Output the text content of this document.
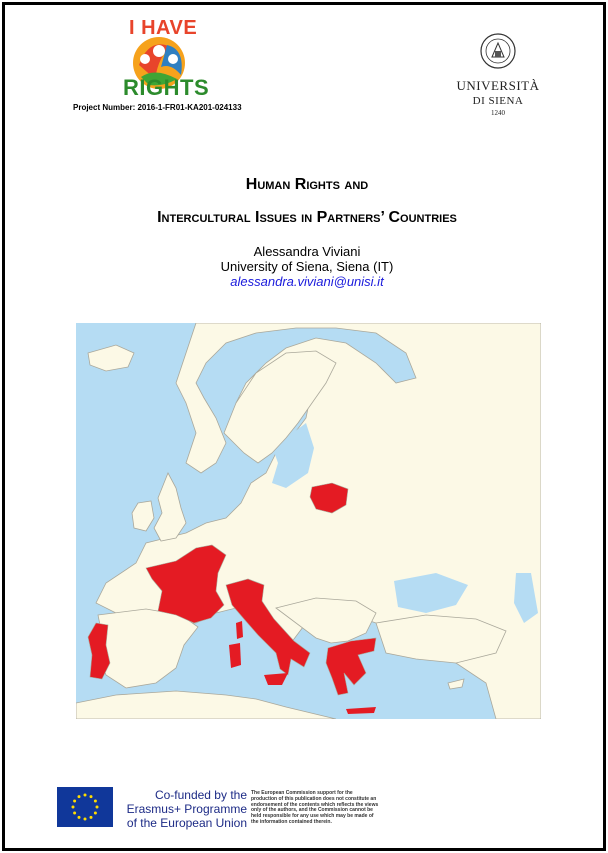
I HAVE
RIGHTS
Project Number: 2016-1-FR01-KA201-024133
UNIVERSITÀ
DI SIENA
1240
Human Rights and
Intercultural Issues in Partners’ Countries
Alessandra Viviani
University of Siena, Siena (IT)
alessandra.viviani@unisi.it
Co-funded by the
Erasmus+ Programme
of the European Union
The European Commission support for the production of this publication does not constitute an endorsement of the contents which reflects the views only of the authors, and the Commission cannot be held responsible for any use which may be made of the information contained therein.
